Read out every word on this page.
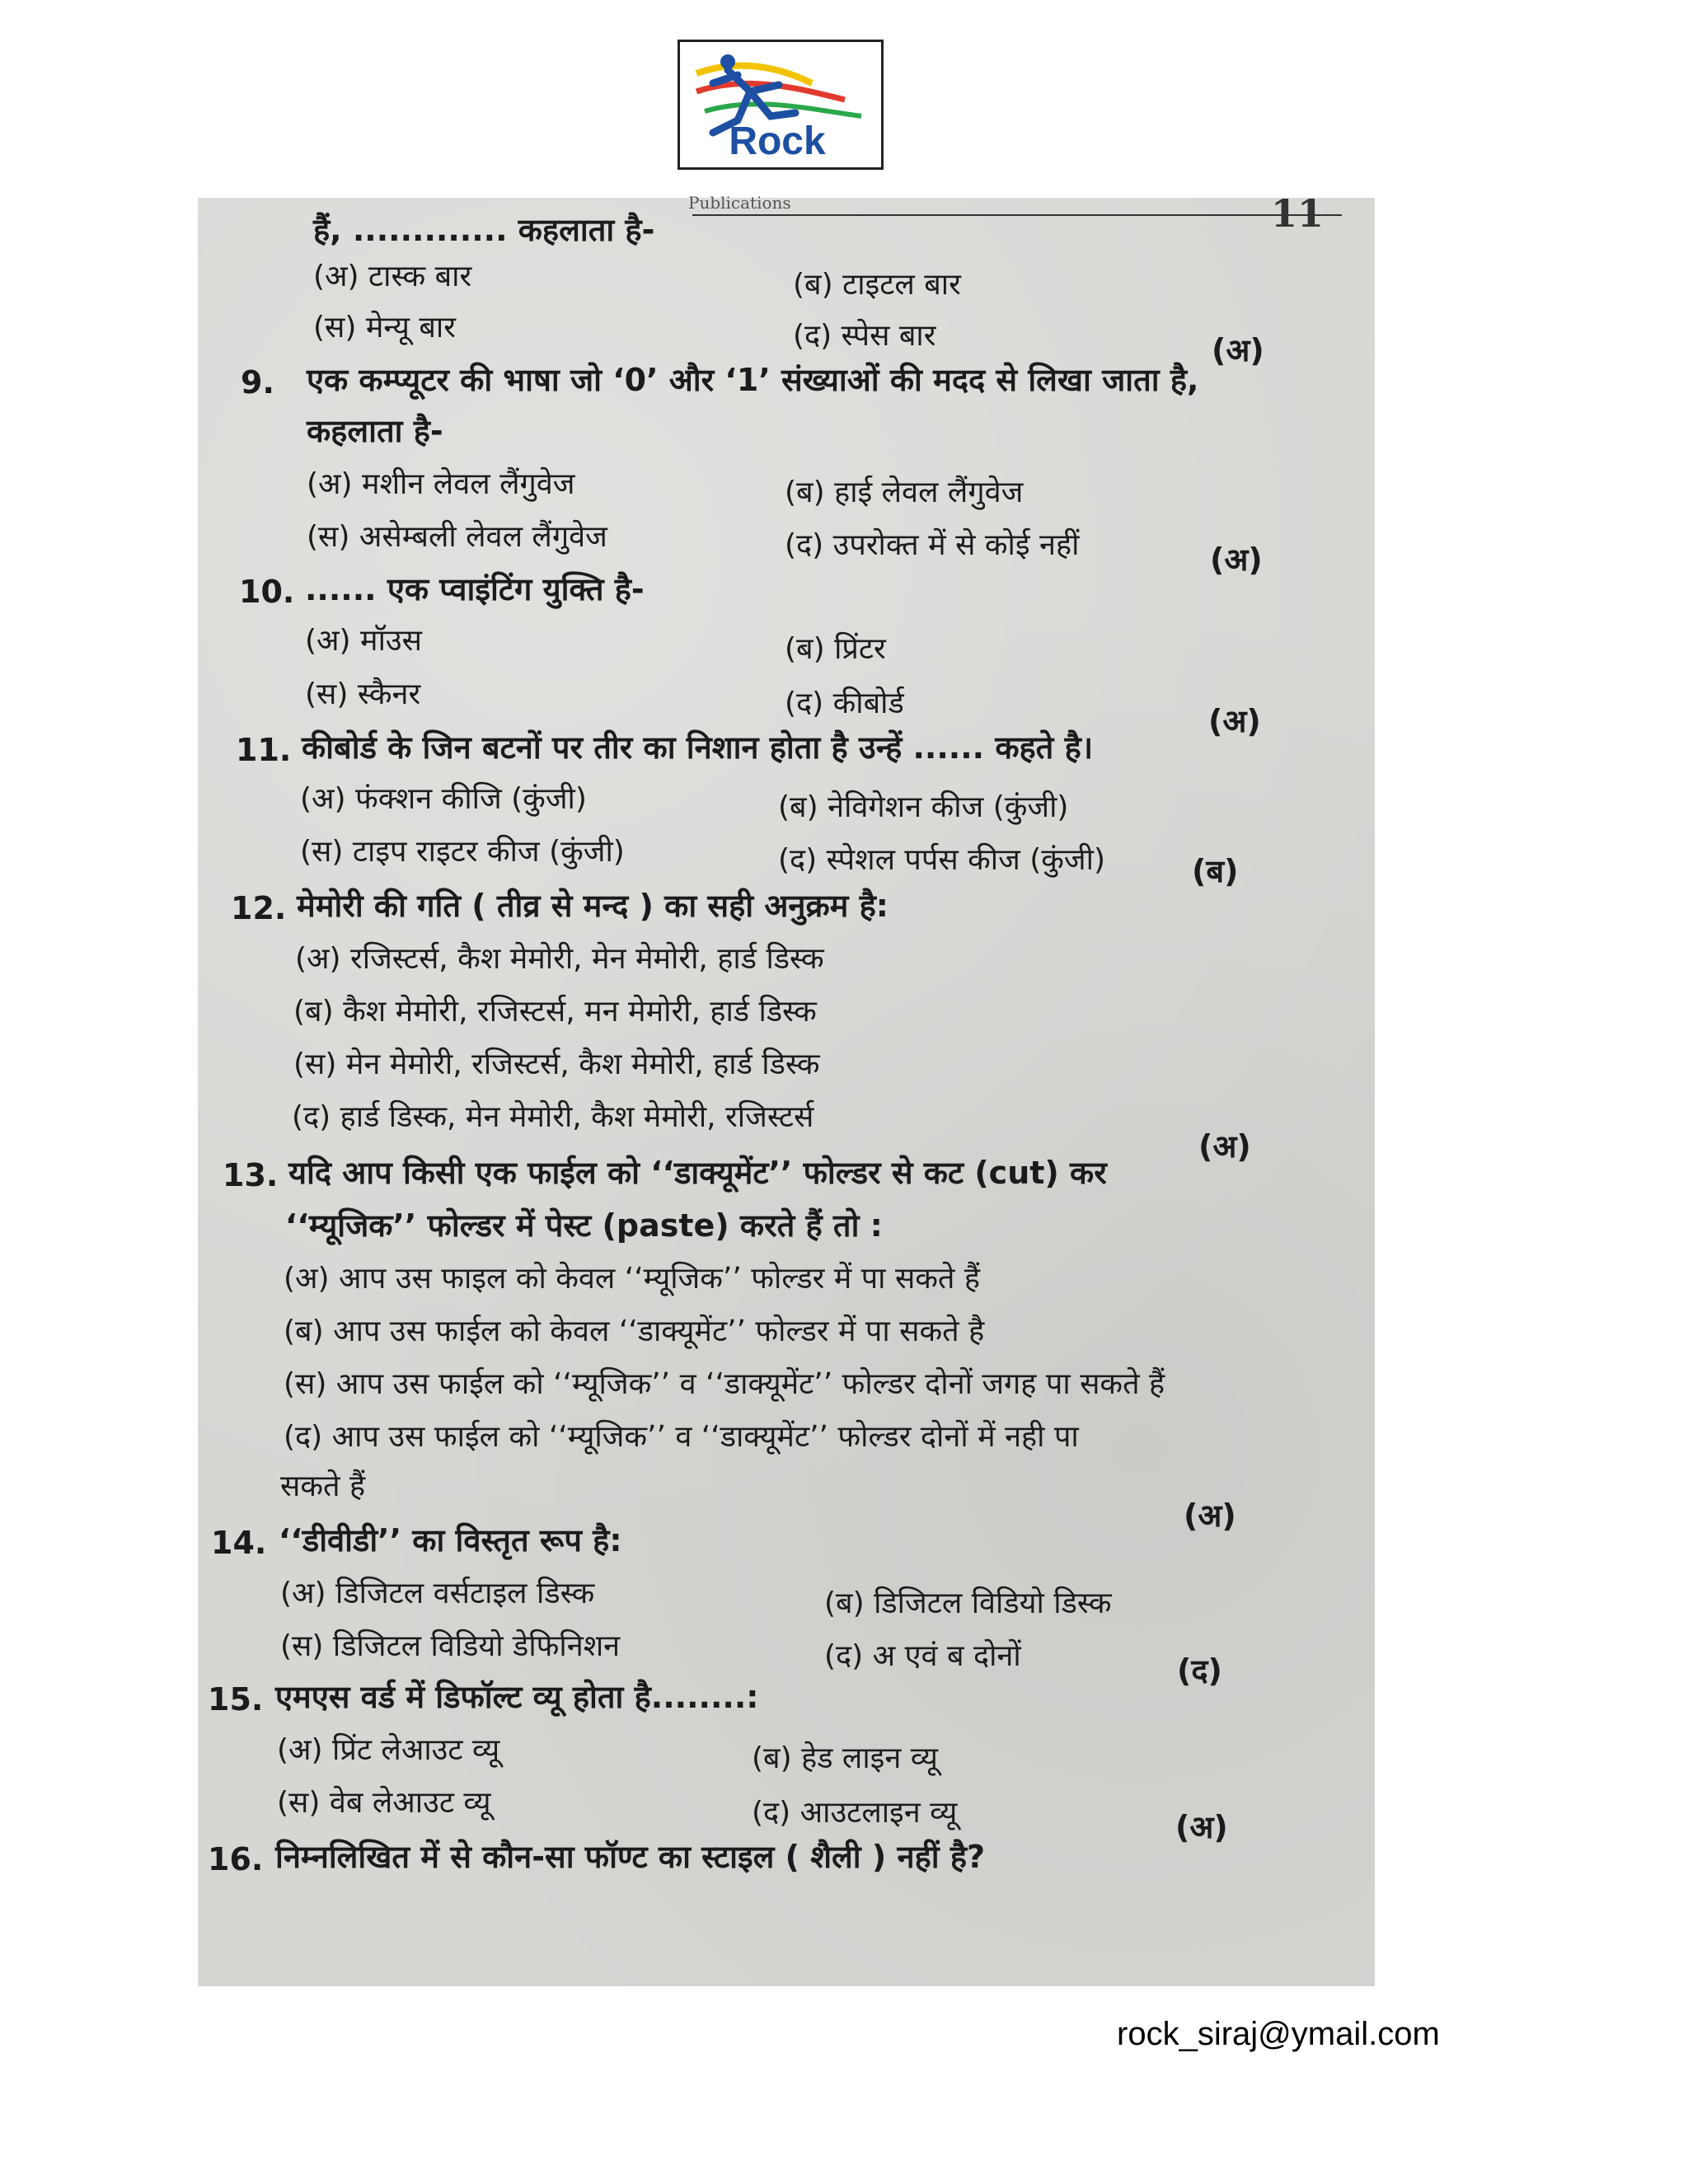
Rock
Publications	11
हैं, ............. कहलाता है-
(अ) टास्क बार	(ब) टाइटल बार
(स) मेन्यू बार	(द) स्पेस बार	(अ)
9. एक कम्प्यूटर की भाषा जो ‘0’ और ‘1’ संख्याओं की मदद से लिखा जाता है,
कहलाता है-
(अ) मशीन लेवल लैंगुवेज	(ब) हाई लेवल लैंगुवेज
(स) असेम्बली लेवल लैंगुवेज	(द) उपरोक्त में से कोई नहीं	(अ)
10. ...... एक प्वाइंटिंग युक्ति है-
(अ) मॉउस	(ब) प्रिंटर
(स) स्कैनर	(द) कीबोर्ड	(अ)
11. कीबोर्ड के जिन बटनों पर तीर का निशान होता है उन्हें ...... कहते है।
(अ) फंक्शन कीजि (कुंजी)	(ब) नेविगेशन कीज (कुंजी)
(स) टाइप राइटर कीज (कुंजी)	(द) स्पेशल पर्पस कीज (कुंजी)	(ब)
12. मेमोरी की गति ( तीव्र से मन्द ) का सही अनुक्रम है:
(अ) रजिस्टर्स, कैश मेमोरी, मेन मेमोरी, हार्ड डिस्क
(ब) कैश मेमोरी, रजिस्टर्स, मन मेमोरी, हार्ड डिस्क
(स) मेन मेमोरी, रजिस्टर्स, कैश मेमोरी, हार्ड डिस्क
(द) हार्ड डिस्क, मेन मेमोरी, कैश मेमोरी, रजिस्टर्स
(अ)
13. यदि आप किसी एक फाईल को ‘‘डाक्यूमेंट’’ फोल्डर से कट (cut) कर
‘‘म्यूजिक’’ फोल्डर में पेस्ट (paste) करते हैं तो :
(अ) आप उस फाइल को केवल ‘‘म्यूजिक’’ फोल्डर में पा सकते हैं
(ब) आप उस फाईल को केवल ‘‘डाक्यूमेंट’’ फोल्डर में पा सकते है
(स) आप उस फाईल को ‘‘म्यूजिक’’ व ‘‘डाक्यूमेंट’’ फोल्डर दोनों जगह पा सकते हैं
(द) आप उस फाईल को ‘‘म्यूजिक’’ व ‘‘डाक्यूमेंट’’ फोल्डर दोनों में नही पा
सकते हैं
(अ)
14. ‘‘डीवीडी’’ का विस्तृत रूप है:
(अ) डिजिटल वर्सटाइल डिस्क	(ब) डिजिटल विडियो डिस्क
(स) डिजिटल विडियो डेफिनिशन	(द) अ एवं ब दोनों	(द)
15. एमएस वर्ड में डिफॉल्ट व्यू होता है........:
(अ) प्रिंट लेआउट व्यू	(ब) हेड लाइन व्यू
(स) वेब लेआउट व्यू	(द) आउटलाइन व्यू	(अ)
16. निम्नलिखित में से कौन-सा फॉण्ट का स्टाइल ( शैली ) नहीं है?
rock_siraj@ymail.com
